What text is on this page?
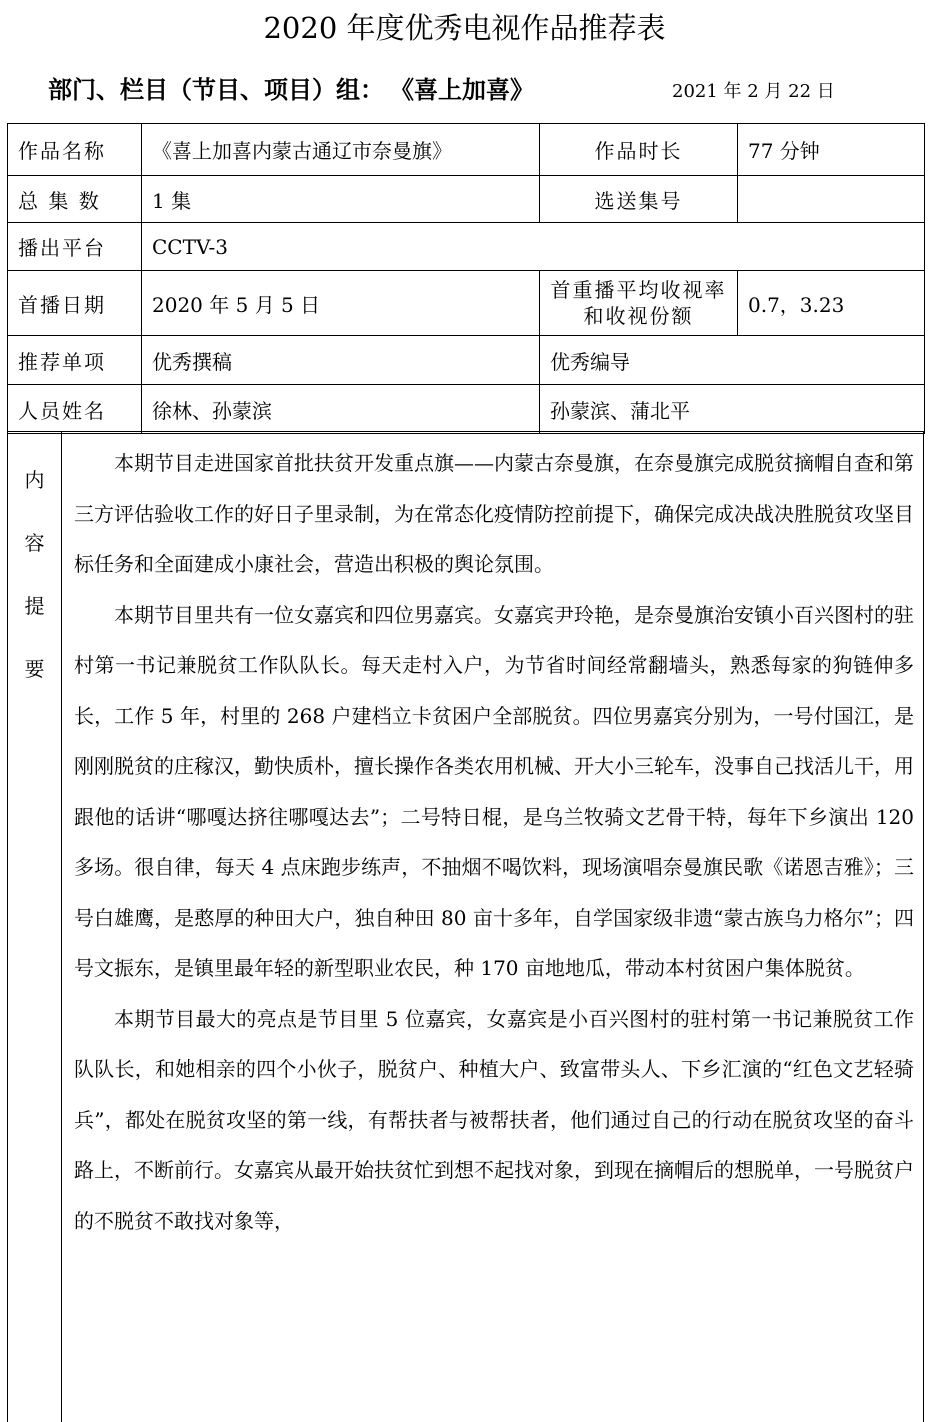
2020 年度优秀电视作品推荐表
部门、栏目（节目、项目）组： 《喜上加喜》	2021 年 2 月 22 日
作品名称	《喜上加喜内蒙古通辽市奈曼旗》	作品时长	77 分钟
总 集 数	1 集	选送集号	
播出平台	CCTV-3		
首播日期	2020 年 5 月 5 日	首重播平均收视率和收视份额	0.7，3.23
推荐单项	优秀撰稿	优秀编导	
人员姓名	徐林、孙蒙滨	孙蒙滨、蒲北平	
内
容
提
要

本期节目走进国家首批扶贫开发重点旗——内蒙古奈曼旗，在奈曼旗完成脱贫摘帽自查和第三方评估验收工作的好日子里录制，为在常态化疫情防控前提下，确保完成决战决胜脱贫攻坚目标任务和全面建成小康社会，营造出积极的舆论氛围。

本期节目里共有一位女嘉宾和四位男嘉宾。女嘉宾尹玲艳，是奈曼旗治安镇小百兴图村的驻村第一书记兼脱贫工作队队长。每天走村入户，为节省时间经常翻墙头，熟悉每家的狗链伸多长，工作 5 年，村里的 268 户建档立卡贫困户全部脱贫。四位男嘉宾分别为，一号付国江，是刚刚脱贫的庄稼汉，勤快质朴，擅长操作各类农用机械、开大小三轮车，没事自己找活儿干，用跟他的话讲“哪嘎达挤往哪嘎达去”；二号特日棍，是乌兰牧骑文艺骨干特，每年下乡演出 120 多场。很自律，每天 4 点床跑步练声，不抽烟不喝饮料，现场演唱奈曼旗民歌《诺恩吉雅》；三号白雄鹰，是憨厚的种田大户，独自种田 80 亩十多年，自学国家级非遗“蒙古族乌力格尔”；四号文振东，是镇里最年轻的新型职业农民，种 170 亩地地瓜，带动本村贫困户集体脱贫。

本期节目最大的亮点是节目里 5 位嘉宾，女嘉宾是小百兴图村的驻村第一书记兼脱贫工作队队长，和她相亲的四个小伙子，脱贫户、种植大户、致富带头人、下乡汇演的“红色文艺轻骑兵”，都处在脱贫攻坚的第一线，有帮扶者与被帮扶者，他们通过自己的行动在脱贫攻坚的奋斗路上，不断前行。女嘉宾从最开始扶贫忙到想不起找对象，到现在摘帽后的想脱单，一号脱贫户的不脱贫不敢找对象等，
